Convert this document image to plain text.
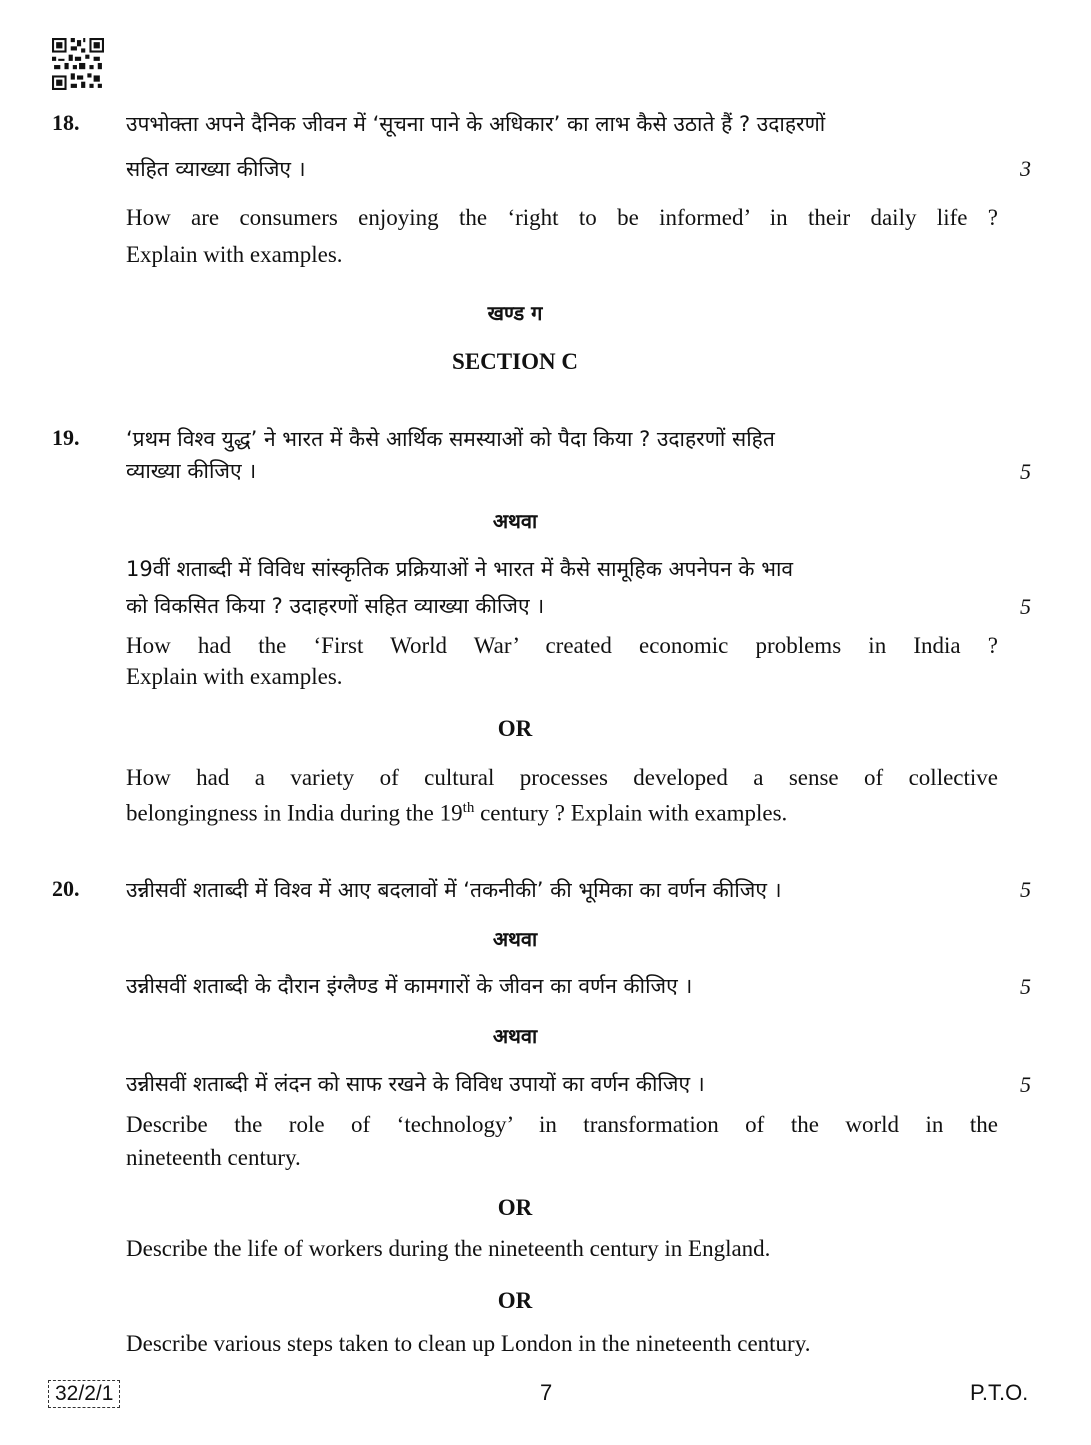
18. उपभोक्ता अपने दैनिक जीवन में ‘सूचना पाने के अधिकार’ का लाभ कैसे उठाते हैं ? उदाहरणों
सहित व्याख्या कीजिए ।	3
How are consumers enjoying the ‘right to be informed’ in their daily life ?
Explain with examples.
खण्ड ग
SECTION C
19. ‘प्रथम विश्व युद्ध’ ने भारत में कैसे आर्थिक समस्याओं को पैदा किया ? उदाहरणों सहित
व्याख्या कीजिए ।	5
अथवा
19वीं शताब्दी में विविध सांस्कृतिक प्रक्रियाओं ने भारत में कैसे सामूहिक अपनेपन के भाव
को विकसित किया ? उदाहरणों सहित व्याख्या कीजिए ।	5
How had the ‘First World War’ created economic problems in India ?
Explain with examples.
OR
How had a variety of cultural processes developed a sense of collective
belongingness in India during the 19th century ? Explain with examples.
20. उन्नीसवीं शताब्दी में विश्व में आए बदलावों में ‘तकनीकी’ की भूमिका का वर्णन कीजिए ।	5
अथवा
उन्नीसवीं शताब्दी के दौरान इंग्लैण्ड में कामगारों के जीवन का वर्णन कीजिए ।	5
अथवा
उन्नीसवीं शताब्दी में लंदन को साफ रखने के विविध उपायों का वर्णन कीजिए ।	5
Describe the role of ‘technology’ in transformation of the world in the
nineteenth century.
OR
Describe the life of workers during the nineteenth century in England.
OR
Describe various steps taken to clean up London in the nineteenth century.
32/2/1	7	P.T.O.
